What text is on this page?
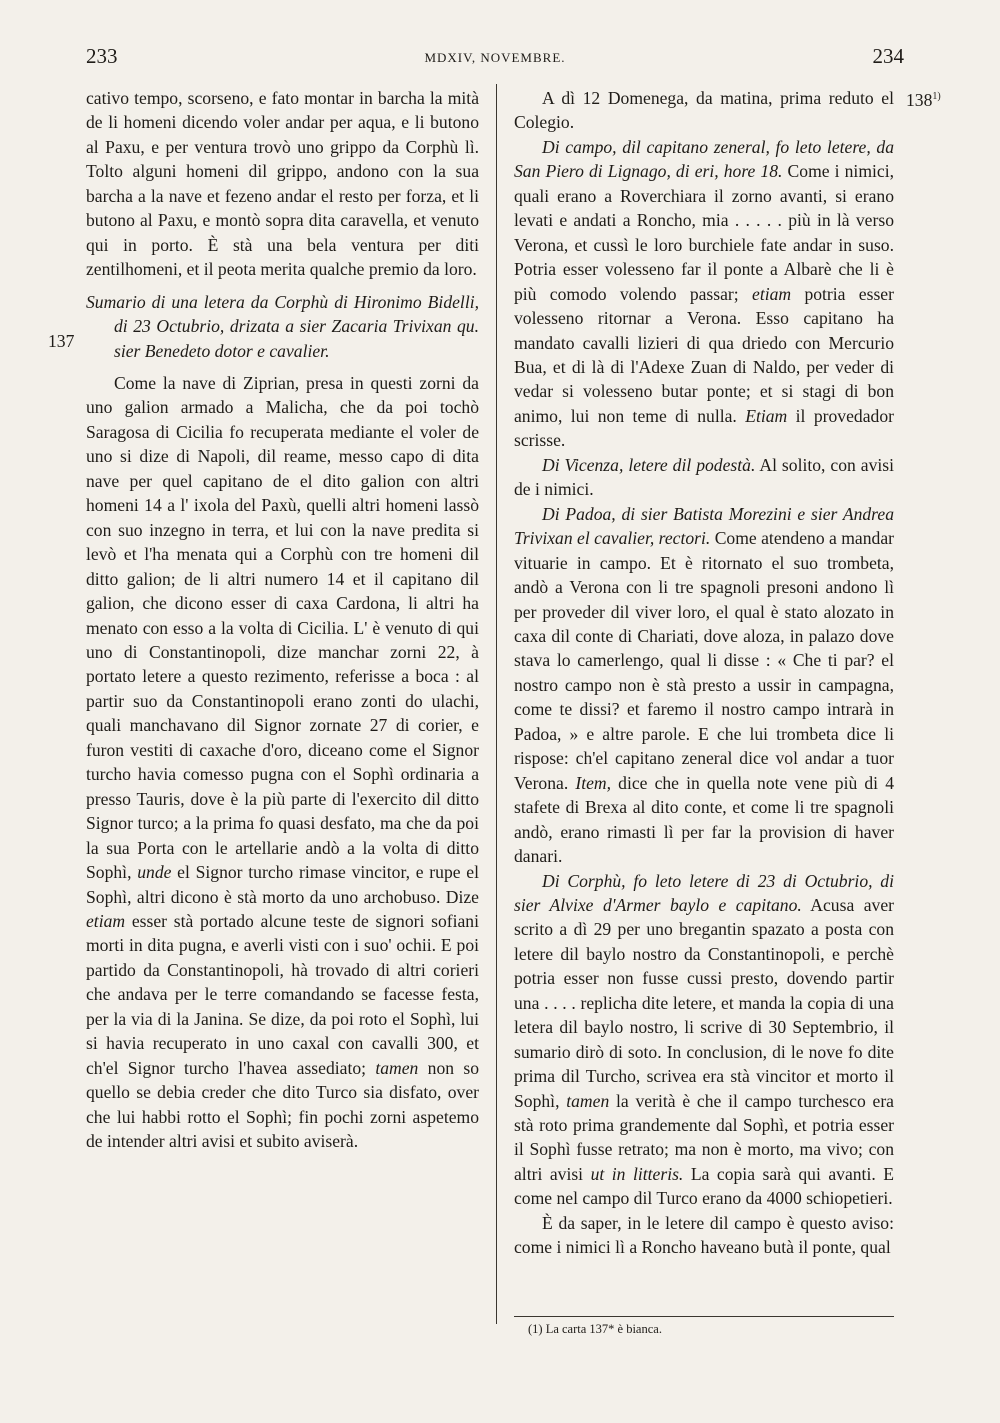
233	MDXIV, NOVEMBRE.	234
137
138$^{1)}$

cativo tempo, scorseno, e fato montar in barcha la mità de li homeni dicendo voler andar per aqua, e li butono al Paxu, e per ventura trovò uno grippo da Corphù lì. Tolto alguni homeni dil grippo, andono con la sua barcha a la nave et fezeno andar el resto per forza, et li butono al Paxu, e montò sopra dita caravella, et venuto qui in porto. È stà una bela ventura per diti zentilhomeni, et il peota merita qualche premio da loro.

Sumario di una letera da Corphù di Hironimo Bidelli, di 23 Octubrio, drizata a sier Zacaria Trivixan qu. sier Benedeto dotor e cavalier.

Come la nave di Ziprian, presa in questi zorni da uno galion armado a Malicha, che da poi tochò Saragosa di Cicilia fo recuperata mediante el voler de uno si dize di Napoli, dil reame, messo capo di dita nave per quel capitano de el dito galion con altri homeni 14 a l' ixola del Paxù, quelli altri homeni lassò con suo inzegno in terra, et lui con la nave predita si levò et l'ha menata qui a Corphù con tre homeni dil ditto galion; de li altri numero 14 et il capitano dil galion, che dicono esser di caxa Cardona, li altri ha menato con esso a la volta di Cicilia. L' è venuto di qui uno di Constantinopoli, dize manchar zorni 22, à portato letere a questo rezimento, referisse a boca : al partir suo da Constantinopoli erano zonti do ulachi, quali manchavano dil Signor zornate 27 di corier, e furon vestiti di caxache d'oro, diceano come el Signor turcho havia comesso pugna con el Sophì ordinaria a presso Tauris, dove è la più parte di l'exercito dil ditto Signor turco; a la prima fo quasi desfato, ma che da poi la sua Porta con le artellarie andò a la volta di ditto Sophì, unde el Signor turcho rimase vincitor, e rupe el Sophì, altri dicono è stà morto da uno archobuso. Dize etiam esser stà portado alcune teste de signori sofiani morti in dita pugna, e averli visti con i suo' ochii. E poi partido da Constantinopoli, hà trovado di altri corieri che andava per le terre comandando se facesse festa, per la via di la Janina. Se dize, da poi roto el Sophì, lui si havia recuperato in uno caxal con cavalli 300, et ch'el Signor turcho l'havea assediato; tamen non so quello se debia creder che dito Turco sia disfato, over che lui habbi rotto el Sophì; fin pochi zorni aspetemo de intender altri avisi et subito aviserà.

A dì 12 Domenega, da matina, prima reduto el Colegio.

Di campo, dil capitano zeneral, fo leto letere, da San Piero di Lignago, di eri, hore 18. Come i nimici, quali erano a Roverchiara il zorno avanti, si erano levati e andati a Roncho, mia . . . . . più in là verso Verona, et cussì le loro burchiele fate andar in suso. Potria esser volesseno far il ponte a Albarè che li è più comodo volendo passar; etiam potria esser volesseno ritornar a Verona. Esso capitano ha mandato cavalli lizieri di qua driedo con Mercurio Bua, et di là di l'Adexe Zuan di Naldo, per veder di vedar si volesseno butar ponte; et si stagi di bon animo, lui non teme di nulla. Etiam il provedador scrisse.

Di Vicenza, letere dil podestà. Al solito, con avisi de i nimici.

Di Padoa, di sier Batista Morezini e sier Andrea Trivixan el cavalier, rectori. Come atendeno a mandar vituarie in campo. Et è ritornato el suo trombeta, andò a Verona con li tre spagnoli presoni andono lì per proveder dil viver loro, el qual è stato alozato in caxa dil conte di Chariati, dove aloza, in palazo dove stava lo camerlengo, qual li disse : « Che ti par? el nostro campo non è stà presto a ussir in campagna, come te dissi? et faremo il nostro campo intrarà in Padoa, » e altre parole. E che lui trombeta dice li rispose: ch'el capitano zeneral dice vol andar a tuor Verona. Item, dice che in quella note vene più di 4 stafete di Brexa al dito conte, et come li tre spagnoli andò, erano rimasti lì per far la provision di haver danari.

Di Corphù, fo leto letere di 23 di Octubrio, di sier Alvixe d'Armer baylo e capitano. Acusa aver scrito a dì 29 per uno bregantin spazato a posta con letere dil baylo nostro da Constantinopoli, e perchè potria esser non fusse cussi presto, dovendo partir una . . . . replicha dite letere, et manda la copia di una letera dil baylo nostro, li scrive di 30 Septembrio, il sumario dirò di soto. In conclusion, di le nove fo dite prima dil Turcho, scrivea era stà vincitor et morto il Sophì, tamen la verità è che il campo turchesco era stà roto prima grandemente dal Sophì, et potria esser il Sophì fusse retrato; ma non è morto, ma vivo; con altri avisi ut in litteris. La copia sarà qui avanti. E come nel campo dil Turco erano da 4000 schiopetieri.

È da saper, in le letere dil campo è questo aviso: come i nimici lì a Roncho haveano butà il ponte, qual

(1) La carta 137* è bianca.
